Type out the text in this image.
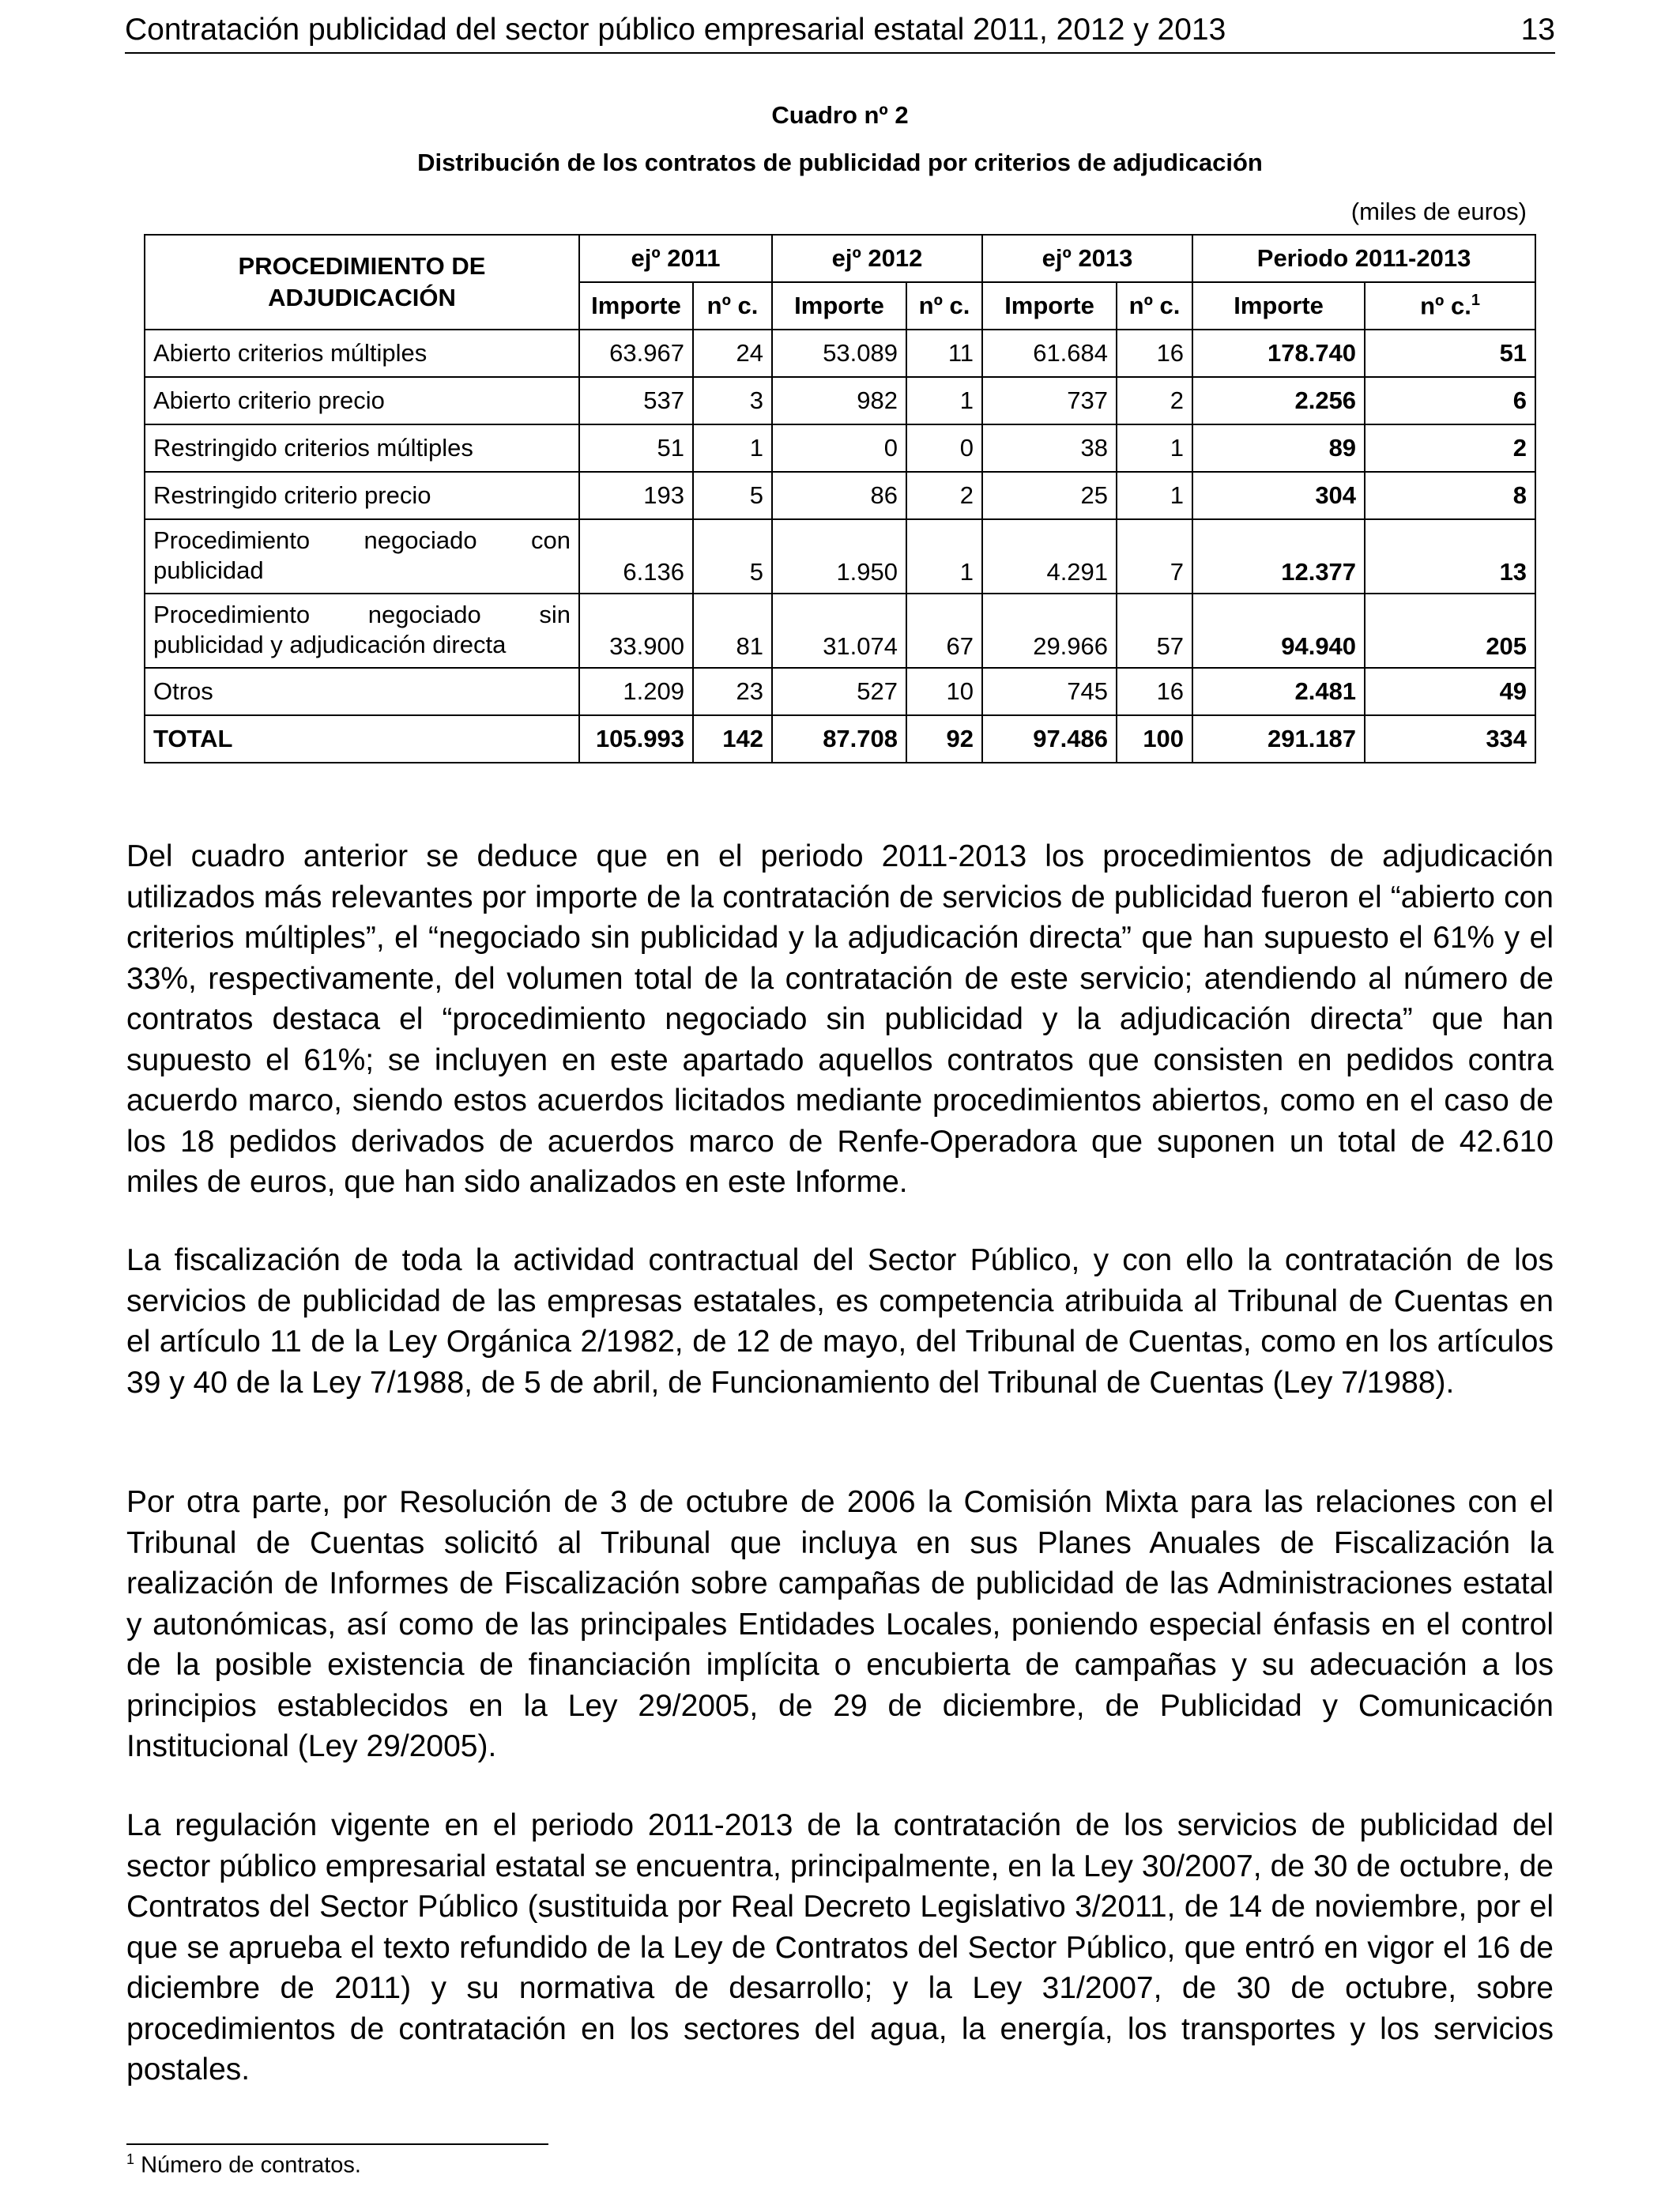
Contratación publicidad del sector público empresarial estatal 2011, 2012 y 2013	13
Cuadro nº 2
Distribución de los contratos de publicidad por criterios de adjudicación
(miles de euros)
PROCEDIMIENTO DE ADJUDICACIÓN	ejº 2011		ejº 2012		ejº 2013		Periodo 2011-2013	
	Importe	nº c.	Importe	nº c.	Importe	nº c.	Importe	nº c.$^1$
Abierto criterios múltiples	63.967	24	53.089	11	61.684	16	178.740	51
Abierto criterio precio	537	3	982	1	737	2	2.256	6
Restringido criterios múltiples	51	1	0	0	38	1	89	2
Restringido criterio precio	193	5	86	2	25	1	304	8
Procedimiento negociado con publicidad	6.136	5	1.950	1	4.291	7	12.377	13
Procedimiento negociado sin publicidad y adjudicación directa	33.900	81	31.074	67	29.966	57	94.940	205
Otros	1.209	23	527	10	745	16	2.481	49
TOTAL	105.993	142	87.708	92	97.486	100	291.187	334

Del cuadro anterior se deduce que en el periodo 2011-2013 los procedimientos de adjudicación utilizados más relevantes por importe de la contratación de servicios de publicidad fueron el “abierto con criterios múltiples”, el “negociado sin publicidad y la adjudicación directa” que han supuesto el 61% y el 33%, respectivamente, del volumen total de la contratación de este servicio; atendiendo al número de contratos destaca el “procedimiento negociado sin publicidad y la adjudicación directa” que han supuesto el 61%; se incluyen en este apartado aquellos contratos que consisten en pedidos contra acuerdo marco, siendo estos acuerdos licitados mediante procedimientos abiertos, como en el caso de los 18 pedidos derivados de acuerdos marco de Renfe-Operadora que suponen un total de 42.610 miles de euros, que han sido analizados en este Informe.

La fiscalización de toda la actividad contractual del Sector Público, y con ello la contratación de los servicios de publicidad de las empresas estatales, es competencia atribuida al Tribunal de Cuentas en el artículo 11 de la Ley Orgánica 2/1982, de 12 de mayo, del Tribunal de Cuentas, como en los artículos 39 y 40 de la Ley 7/1988, de 5 de abril, de Funcionamiento del Tribunal de Cuentas (Ley 7/1988).

Por otra parte, por Resolución de 3 de octubre de 2006 la Comisión Mixta para las relaciones con el Tribunal de Cuentas solicitó al Tribunal que incluya en sus Planes Anuales de Fiscalización la realización de Informes de Fiscalización sobre campañas de publicidad de las Administraciones estatal y autonómicas, así como de las principales Entidades Locales, poniendo especial énfasis en el control de la posible existencia de financiación implícita o encubierta de campañas y su adecuación a los principios establecidos en la Ley 29/2005, de 29 de diciembre, de Publicidad y Comunicación Institucional (Ley 29/2005).

La regulación vigente en el periodo 2011-2013 de la contratación de los servicios de publicidad del sector público empresarial estatal se encuentra, principalmente, en la Ley 30/2007, de 30 de octubre, de Contratos del Sector Público (sustituida por Real Decreto Legislativo 3/2011, de 14 de noviembre, por el que se aprueba el texto refundido de la Ley de Contratos del Sector Público, que entró en vigor el 16 de diciembre de 2011) y su normativa de desarrollo; y la Ley 31/2007, de 30 de octubre, sobre procedimientos de contratación en los sectores del agua, la energía, los transportes y los servicios postales.

$^1$ Número de contratos.
